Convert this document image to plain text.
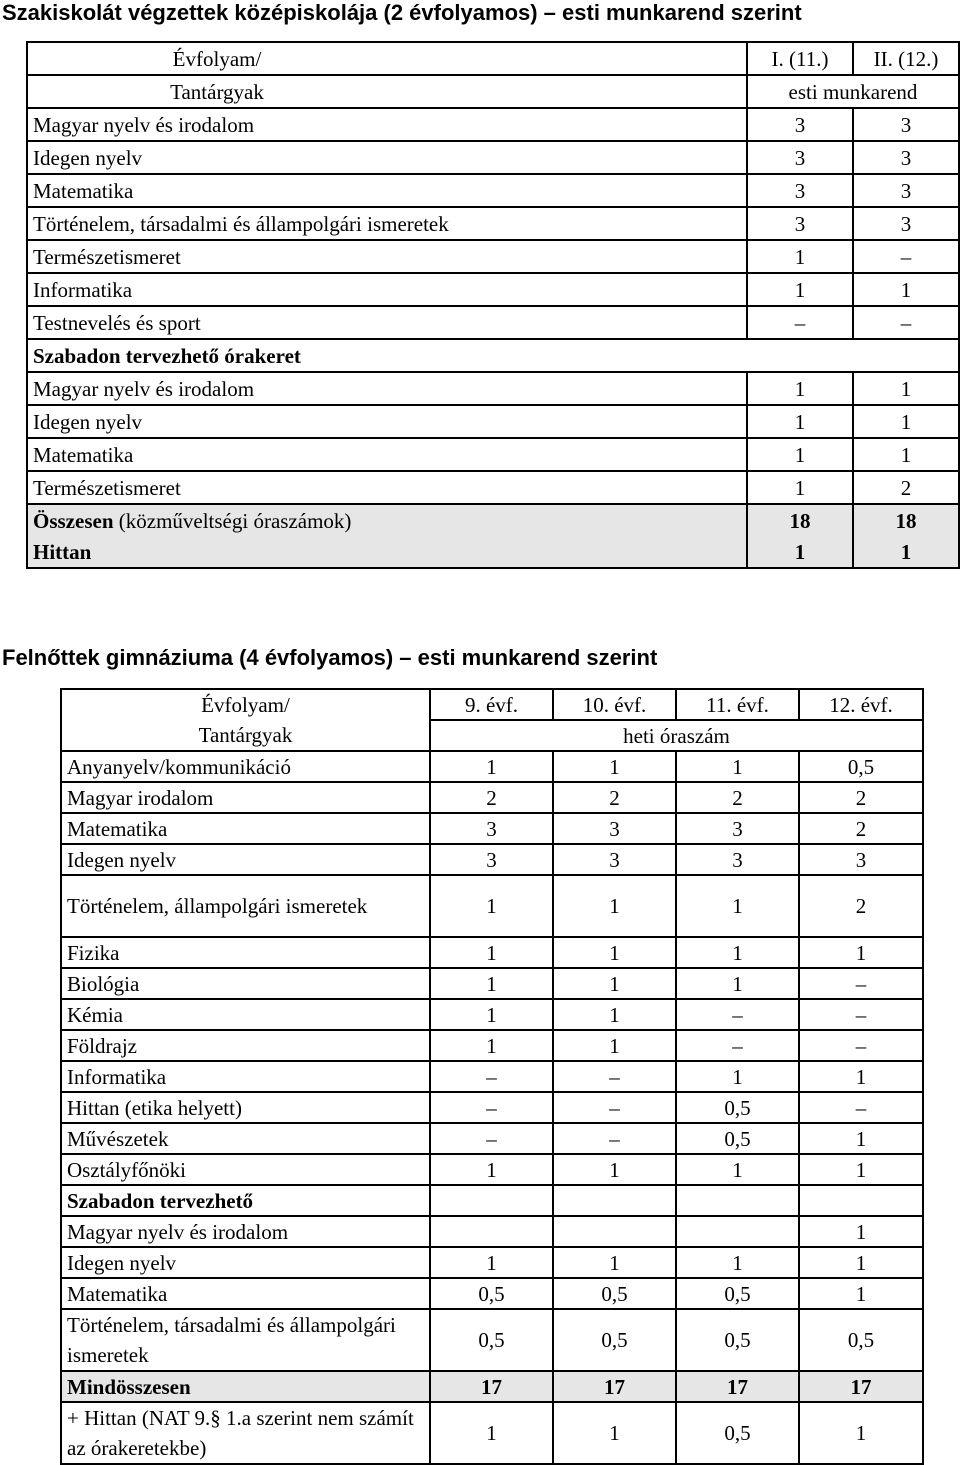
Szakiskolát végzettek középiskolája (2 évfolyamos) – esti munkarend szerint
Évfolyam/	I. (11.)	II. (12.)
Tantárgyak	esti munkarend	
Magyar nyelv és irodalom	3	3
Idegen nyelv	3	3
Matematika	3	3
Történelem, társadalmi és állampolgári ismeretek	3	3
Természetismeret	1	–
Informatika	1	1
Testnevelés és sport	–	–
Szabadon tervezhető órakeret		
Magyar nyelv és irodalom	1	1
Idegen nyelv	1	1
Matematika	1	1
Természetismeret	1	2
Összesen (közműveltségi óraszámok)	18	18
Hittan	1	1
Felnőttek gimnáziuma (4 évfolyamos) – esti munkarend szerint
Évfolyam/	9. évf.	10. évf.	11. évf.	12. évf.
Tantárgyak	heti óraszám			
Anyanyelv/kommunikáció	1	1	1	0,5
Magyar irodalom	2	2	2	2
Matematika	3	3	3	2
Idegen nyelv	3	3	3	3
Történelem, állampolgári ismeretek	1	1	1	2
Fizika	1	1	1	1
Biológia	1	1	1	–
Kémia	1	1	–	–
Földrajz	1	1	–	–
Informatika	–	–	1	1
Hittan (etika helyett)	–	–	0,5	–
Művészetek	–	–	0,5	1
Osztályfőnöki	1	1	1	1
Szabadon tervezhető				
Magyar nyelv és irodalom				1
Idegen nyelv	1	1	1	1
Matematika	0,5	0,5	0,5	1
Történelem, társadalmi és állampolgári ismeretek	0,5	0,5	0,5	0,5
Mindösszesen	17	17	17	17
+ Hittan (NAT 9.§ 1.a szerint nem számít az órakeretekbe)	1	1	0,5	1
